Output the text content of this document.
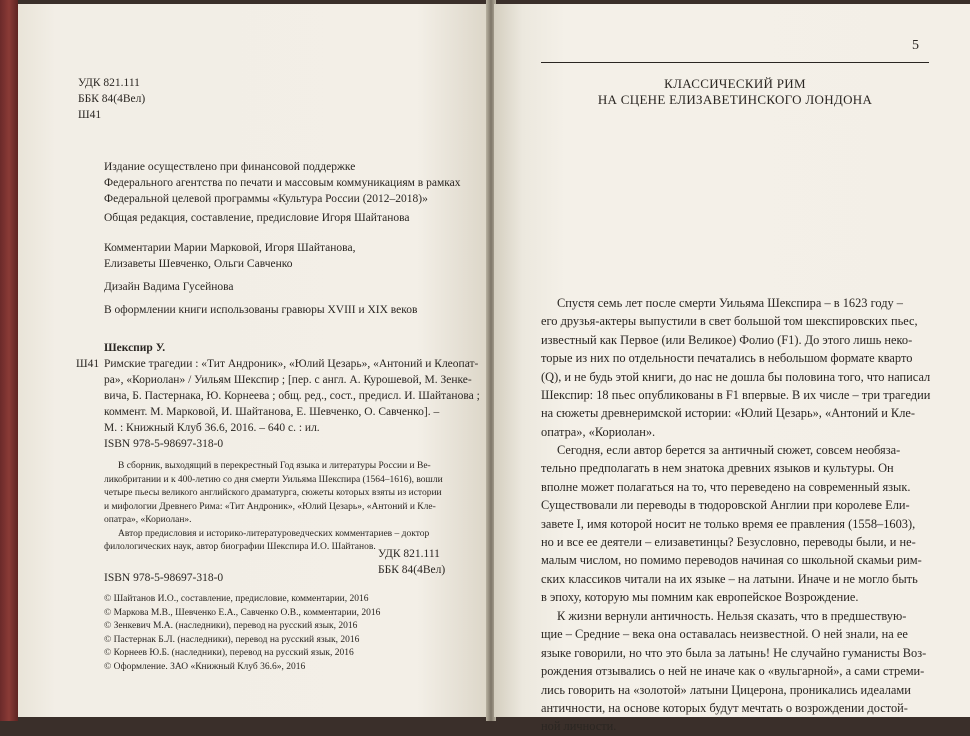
УДК 821.111
ББК 84(4Вел)
Ш41
Издание осуществлено при финансовой поддержке
Федерального агентства по печати и массовым коммуникациям в рамках
Федеральной целевой программы «Культура России (2012–2018)»
Общая редакция, составление, предисловие Игоря Шайтанова
Комментарии Марии Марковой, Игоря Шайтанова,
Елизаветы Шевченко, Ольги Савченко
Дизайн Вадима Гусейнова
В оформлении книги использованы гравюры XVIII и XIX веков
Шекспир У.
Ш41 Римские трагедии : «Тит Андроник», «Юлий Цезарь», «Антоний и Клеопат-
ра», «Кориолан» / Уильям Шекспир ; [пер. с англ. А. Курошевой, М. Зенке-
вича, Б. Пастернака, Ю. Корнеева ; общ. ред., сост., предисл. И. Шайтанова ;
коммент. М. Марковой, И. Шайтанова, Е. Шевченко, О. Савченко]. –
М. : Книжный Клуб 36.6, 2016. – 640 с. : ил.
ISBN 978-5-98697-318-0
В сборник, выходящий в перекрестный Год языка и литературы России и Ве-
ликобритании и к 400-летию со дня смерти Уильяма Шекспира (1564–1616), вошли
четыре пьесы великого английского драматурга, сюжеты которых взяты из истории
и мифологии Древнего Рима: «Тит Андроник», «Юлий Цезарь», «Антоний и Кле-
опатра», «Кориолан».
Автор предисловия и историко-литературоведческих комментариев – доктор
филологических наук, автор биографии Шекспира И.О. Шайтанов.
УДК 821.111
ББК 84(4Вел)
ISBN 978-5-98697-318-0
© Шайтанов И.О., составление, предисловие, комментарии, 2016
© Маркова М.В., Шевченко Е.А., Савченко О.В., комментарии, 2016
© Зенкевич М.А. (наследники), перевод на русский язык, 2016
© Пастернак Б.Л. (наследники), перевод на русский язык, 2016
© Корнеев Ю.Б. (наследники), перевод на русский язык, 2016
© Оформление. ЗАО «Книжный Клуб 36.6», 2016
5
КЛАССИЧЕСКИЙ РИМ
НА СЦЕНЕ ЕЛИЗАВЕТИНСКОГО ЛОНДОНА
Спустя семь лет после смерти Уильяма Шекспира – в 1623 году –
его друзья-актеры выпустили в свет большой том шекспировских пьес,
известный как Первое (или Великое) Фолио (F1). До этого лишь неко-
торые из них по отдельности печатались в небольшом формате кварто
(Q), и не будь этой книги, до нас не дошла бы половина того, что написал
Шекспир: 18 пьес опубликованы в F1 впервые. В их числе – три трагедии
на сюжеты древнеримской истории: «Юлий Цезарь», «Антоний и Кле-
опатра», «Кориолан».
Сегодня, если автор берется за античный сюжет, совсем необяза-
тельно предполагать в нем знатока древних языков и культуры. Он
вполне может полагаться на то, что переведено на современный язык.
Существовали ли переводы в тюдоровской Англии при королеве Ели-
завете I, имя которой носит не только время ее правления (1558–1603),
но и все ее деятели – елизаветинцы? Безусловно, переводы были, и не-
малым числом, но помимо переводов начиная со школьной скамьи рим-
ских классиков читали на их языке – на латыни. Иначе и не могло быть
в эпоху, которую мы помним как европейское Возрождение.
К жизни вернули античность. Нельзя сказать, что в предшествую-
щие – Средние – века она оставалась неизвестной. О ней знали, на ее
языке говорили, но что это была за латынь! Не случайно гуманисты Воз-
рождения отзывались о ней не иначе как о «вульгарной», а сами стреми-
лись говорить на «золотой» латыни Цицерона, проникались идеалами
античности, на основе которых будут мечтать о возрождении достой-
ной личности.
